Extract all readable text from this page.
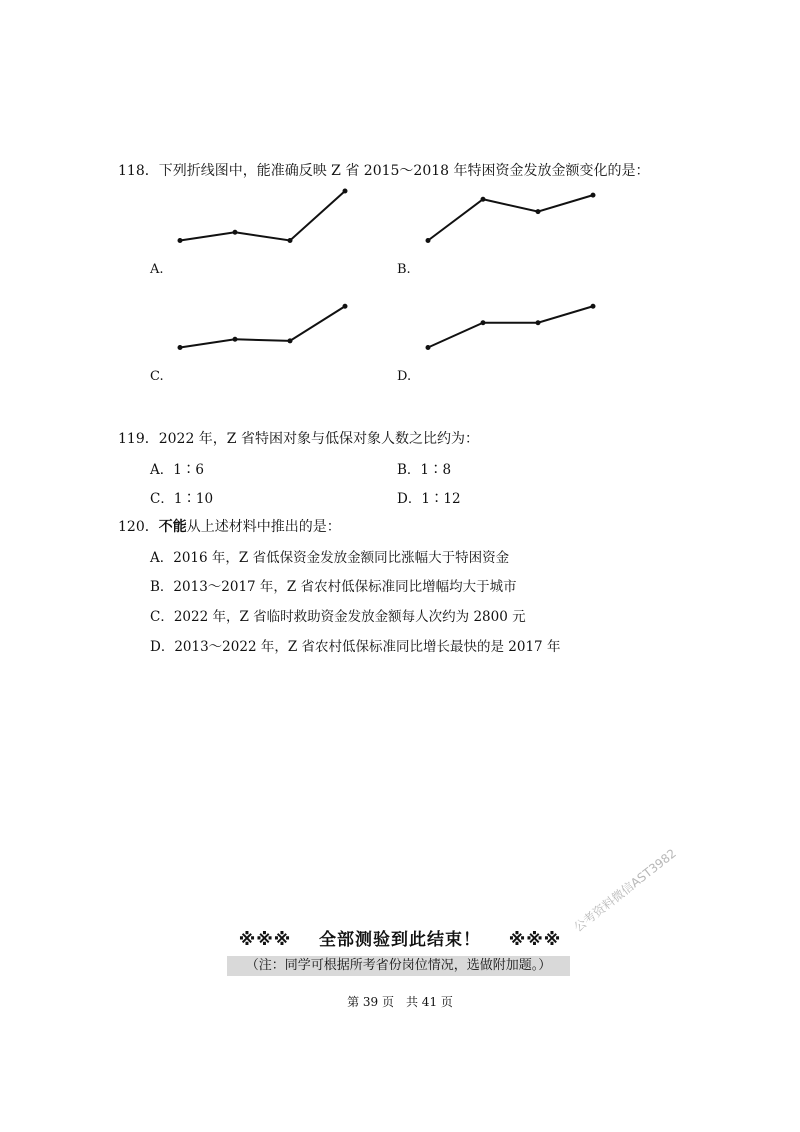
118．下列折线图中，能准确反映 Z 省 2015～2018 年特困资金发放金额变化的是：
A.	B.
C.	D.
119．2022 年，Z 省特困对象与低保对象人数之比约为：
A．1∶6	B．1∶8
C．1∶10	D．1∶12
120．不能从上述材料中推出的是：
A．2016 年，Z 省低保资金发放金额同比涨幅大于特困资金
B．2013～2017 年，Z 省农村低保标准同比增幅均大于城市
C．2022 年，Z 省临时救助资金发放金额每人次约为 2800 元
D．2013～2022 年，Z 省农村低保标准同比增长最快的是 2017 年
※※※ 全部测验到此结束！ ※※※
（注：同学可根据所考省份岗位情况，选做附加题。）
第 39 页　共 41 页
公考资料微信AST3982
